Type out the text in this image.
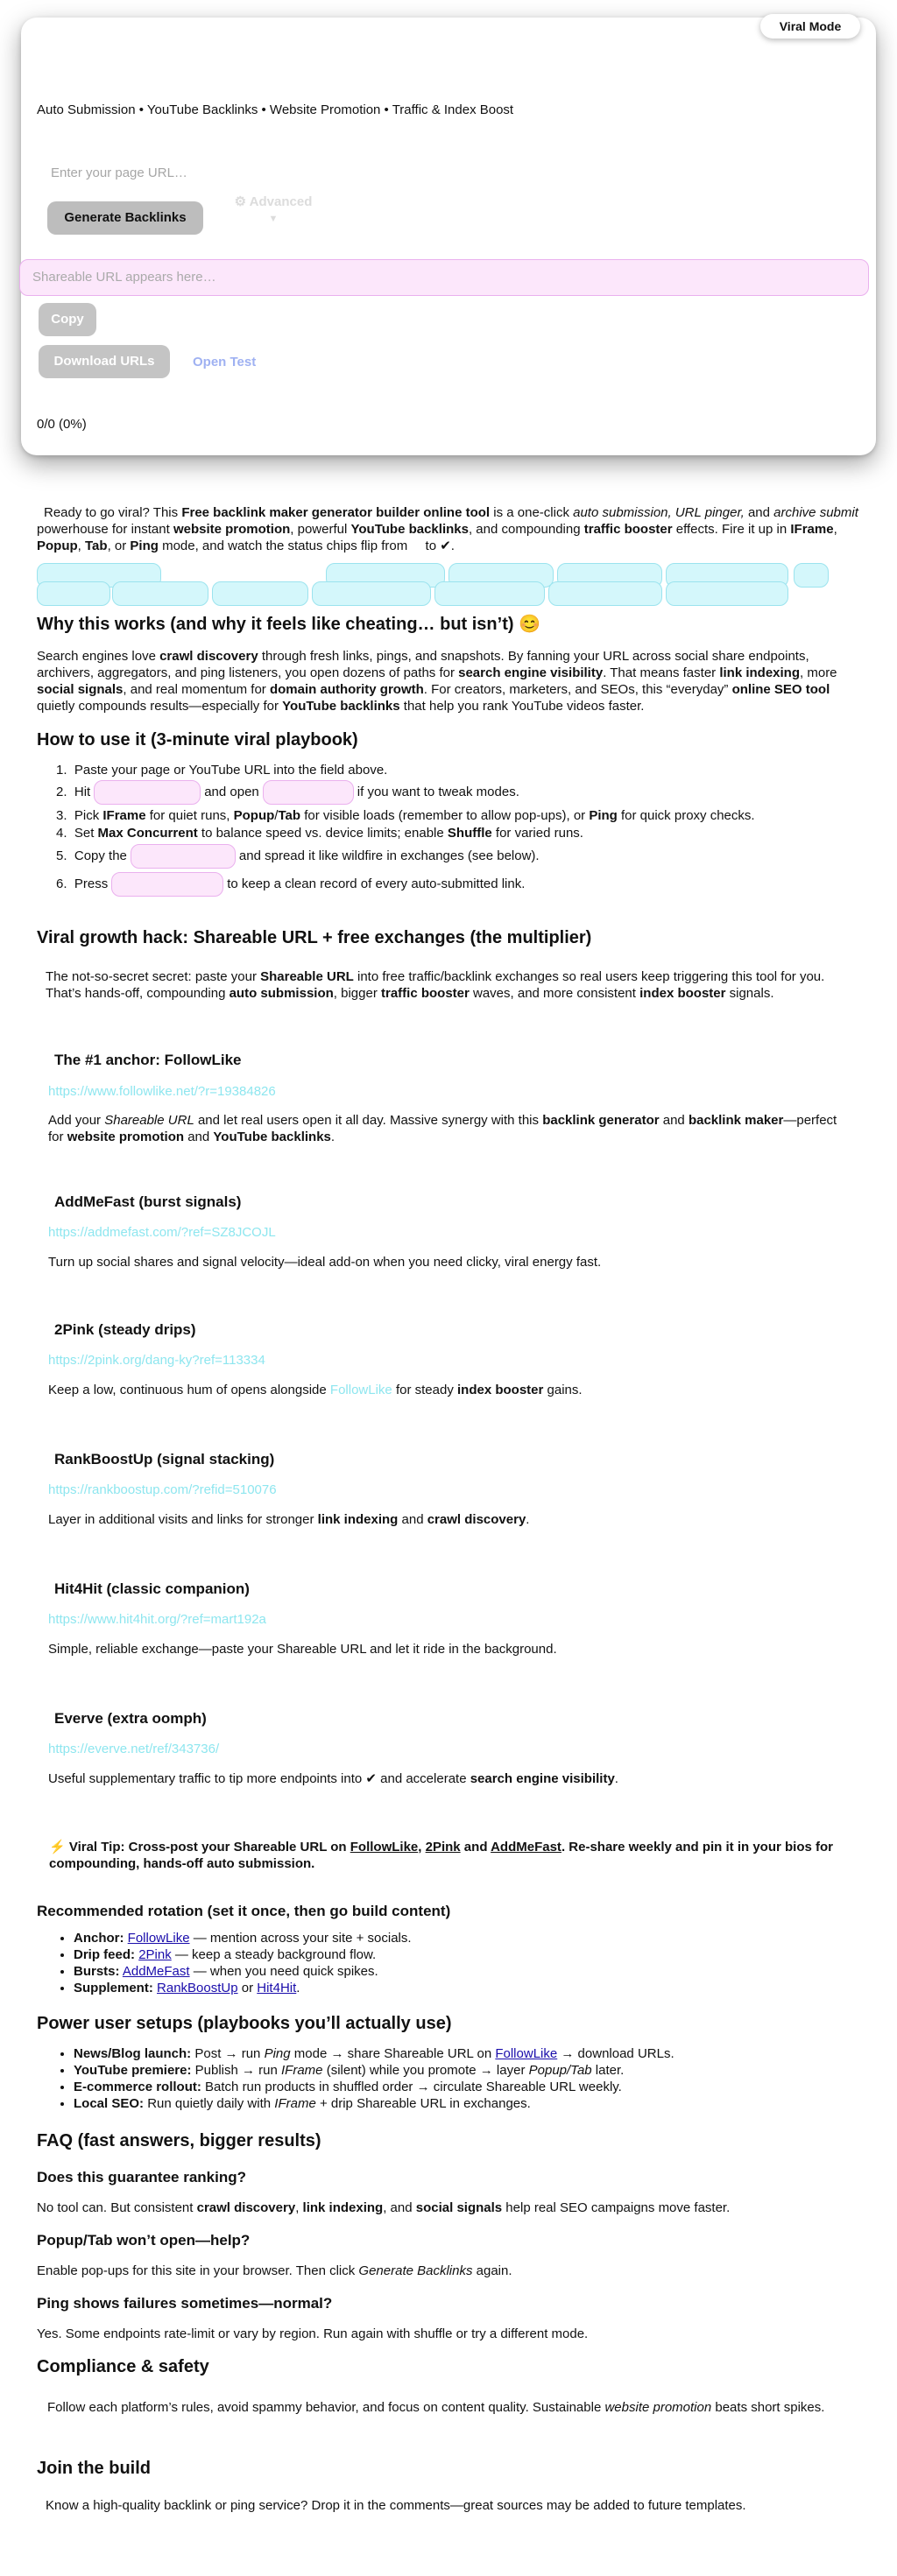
Viral Mode
Auto Submission • YouTube Backlinks • Website Promotion • Traffic & Index Boost
Enter your page URL…
Generate Backlinks
⚙ Advanced
▼
Shareable URL appears here…
Copy
Download URLs	Open Test
0/0 (0%)

Ready to go viral? This Free backlink maker generator builder online tool is a one-click auto submission, URL pinger, and archive submit powerhouse for instant website promotion, powerful YouTube backlinks, and compounding traffic booster effects. Fire it up in IFrame, Popup, Tab, or Ping mode, and watch the status chips flip from  to ✔.

Why this works (and why it feels like cheating… but isn’t) 😊

Search engines love crawl discovery through fresh links, pings, and snapshots. By fanning your URL across social share endpoints, archivers, aggregators, and ping listeners, you open dozens of paths for search engine visibility. That means faster link indexing, more social signals, and real momentum for domain authority growth. For creators, marketers, and SEOs, this “everyday” online SEO tool quietly compounds results—especially for YouTube backlinks that help you rank YouTube videos faster.

How to use it (3-minute viral playbook)
1.  Paste your page or YouTube URL into the field above.
2.  Hit	and open	if you want to tweak modes.
3.  Pick IFrame for quiet runs, Popup/Tab for visible loads (remember to allow pop-ups), or Ping for quick proxy checks.
4.  Set Max Concurrent to balance speed vs. device limits; enable Shuffle for varied runs.
5.  Copy the	and spread it like wildfire in exchanges (see below).
6.  Press	to keep a clean record of every auto-submitted link.
Viral growth hack: Shareable URL + free exchanges (the multiplier)

The not-so-secret secret: paste your Shareable URL into free traffic/backlink exchanges so real users keep triggering this tool for you. That’s hands-off, compounding auto submission, bigger traffic booster waves, and more consistent index booster signals.

The #1 anchor: FollowLike
https://www.followlike.net/?r=19384826

Add your Shareable URL and let real users open it all day. Massive synergy with this backlink generator and backlink maker—perfect for website promotion and YouTube backlinks.

AddMeFast (burst signals)
https://addmefast.com/?ref=SZ8JCOJL

Turn up social shares and signal velocity—ideal add-on when you need clicky, viral energy fast.

2Pink (steady drips)
https://2pink.org/dang-ky?ref=113334

Keep a low, continuous hum of opens alongside FollowLike for steady index booster gains.

RankBoostUp (signal stacking)
https://rankboostup.com/?refid=510076

Layer in additional visits and links for stronger link indexing and crawl discovery.

Hit4Hit (classic companion)
https://www.hit4hit.org/?ref=mart192a

Simple, reliable exchange—paste your Shareable URL and let it ride in the background.

Everve (extra oomph)
https://everve.net/ref/343736/

Useful supplementary traffic to tip more endpoints into ✔ and accelerate search engine visibility.

⚡ Viral Tip: Cross-post your Shareable URL on FollowLike, 2Pink and AddMeFast. Re-share weekly and pin it in your bios for compounding, hands-off auto submission.

Recommended rotation (set it once, then go build content)
• Anchor: FollowLike — mention across your site + socials.
• Drip feed: 2Pink — keep a steady background flow.
• Bursts: AddMeFast — when you need quick spikes.
• Supplement: RankBoostUp or Hit4Hit.
Power user setups (playbooks you’ll actually use)
• News/Blog launch: Post → run Ping mode → share Shareable URL on FollowLike → download URLs.
• YouTube premiere: Publish → run IFrame (silent) while you promote → layer Popup/Tab later.
• E-commerce rollout: Batch run products in shuffled order → circulate Shareable URL weekly.
• Local SEO: Run quietly daily with IFrame + drip Shareable URL in exchanges.
FAQ (fast answers, bigger results)
Does this guarantee ranking?

No tool can. But consistent crawl discovery, link indexing, and social signals help real SEO campaigns move faster.

Popup/Tab won’t open—help?

Enable pop-ups for this site in your browser. Then click Generate Backlinks again.

Ping shows failures sometimes—normal?

Yes. Some endpoints rate-limit or vary by region. Run again with shuffle or try a different mode.

Compliance & safety

Follow each platform’s rules, avoid spammy behavior, and focus on content quality. Sustainable website promotion beats short spikes.

Join the build

Know a high-quality backlink or ping service? Drop it in the comments—great sources may be added to future templates.
